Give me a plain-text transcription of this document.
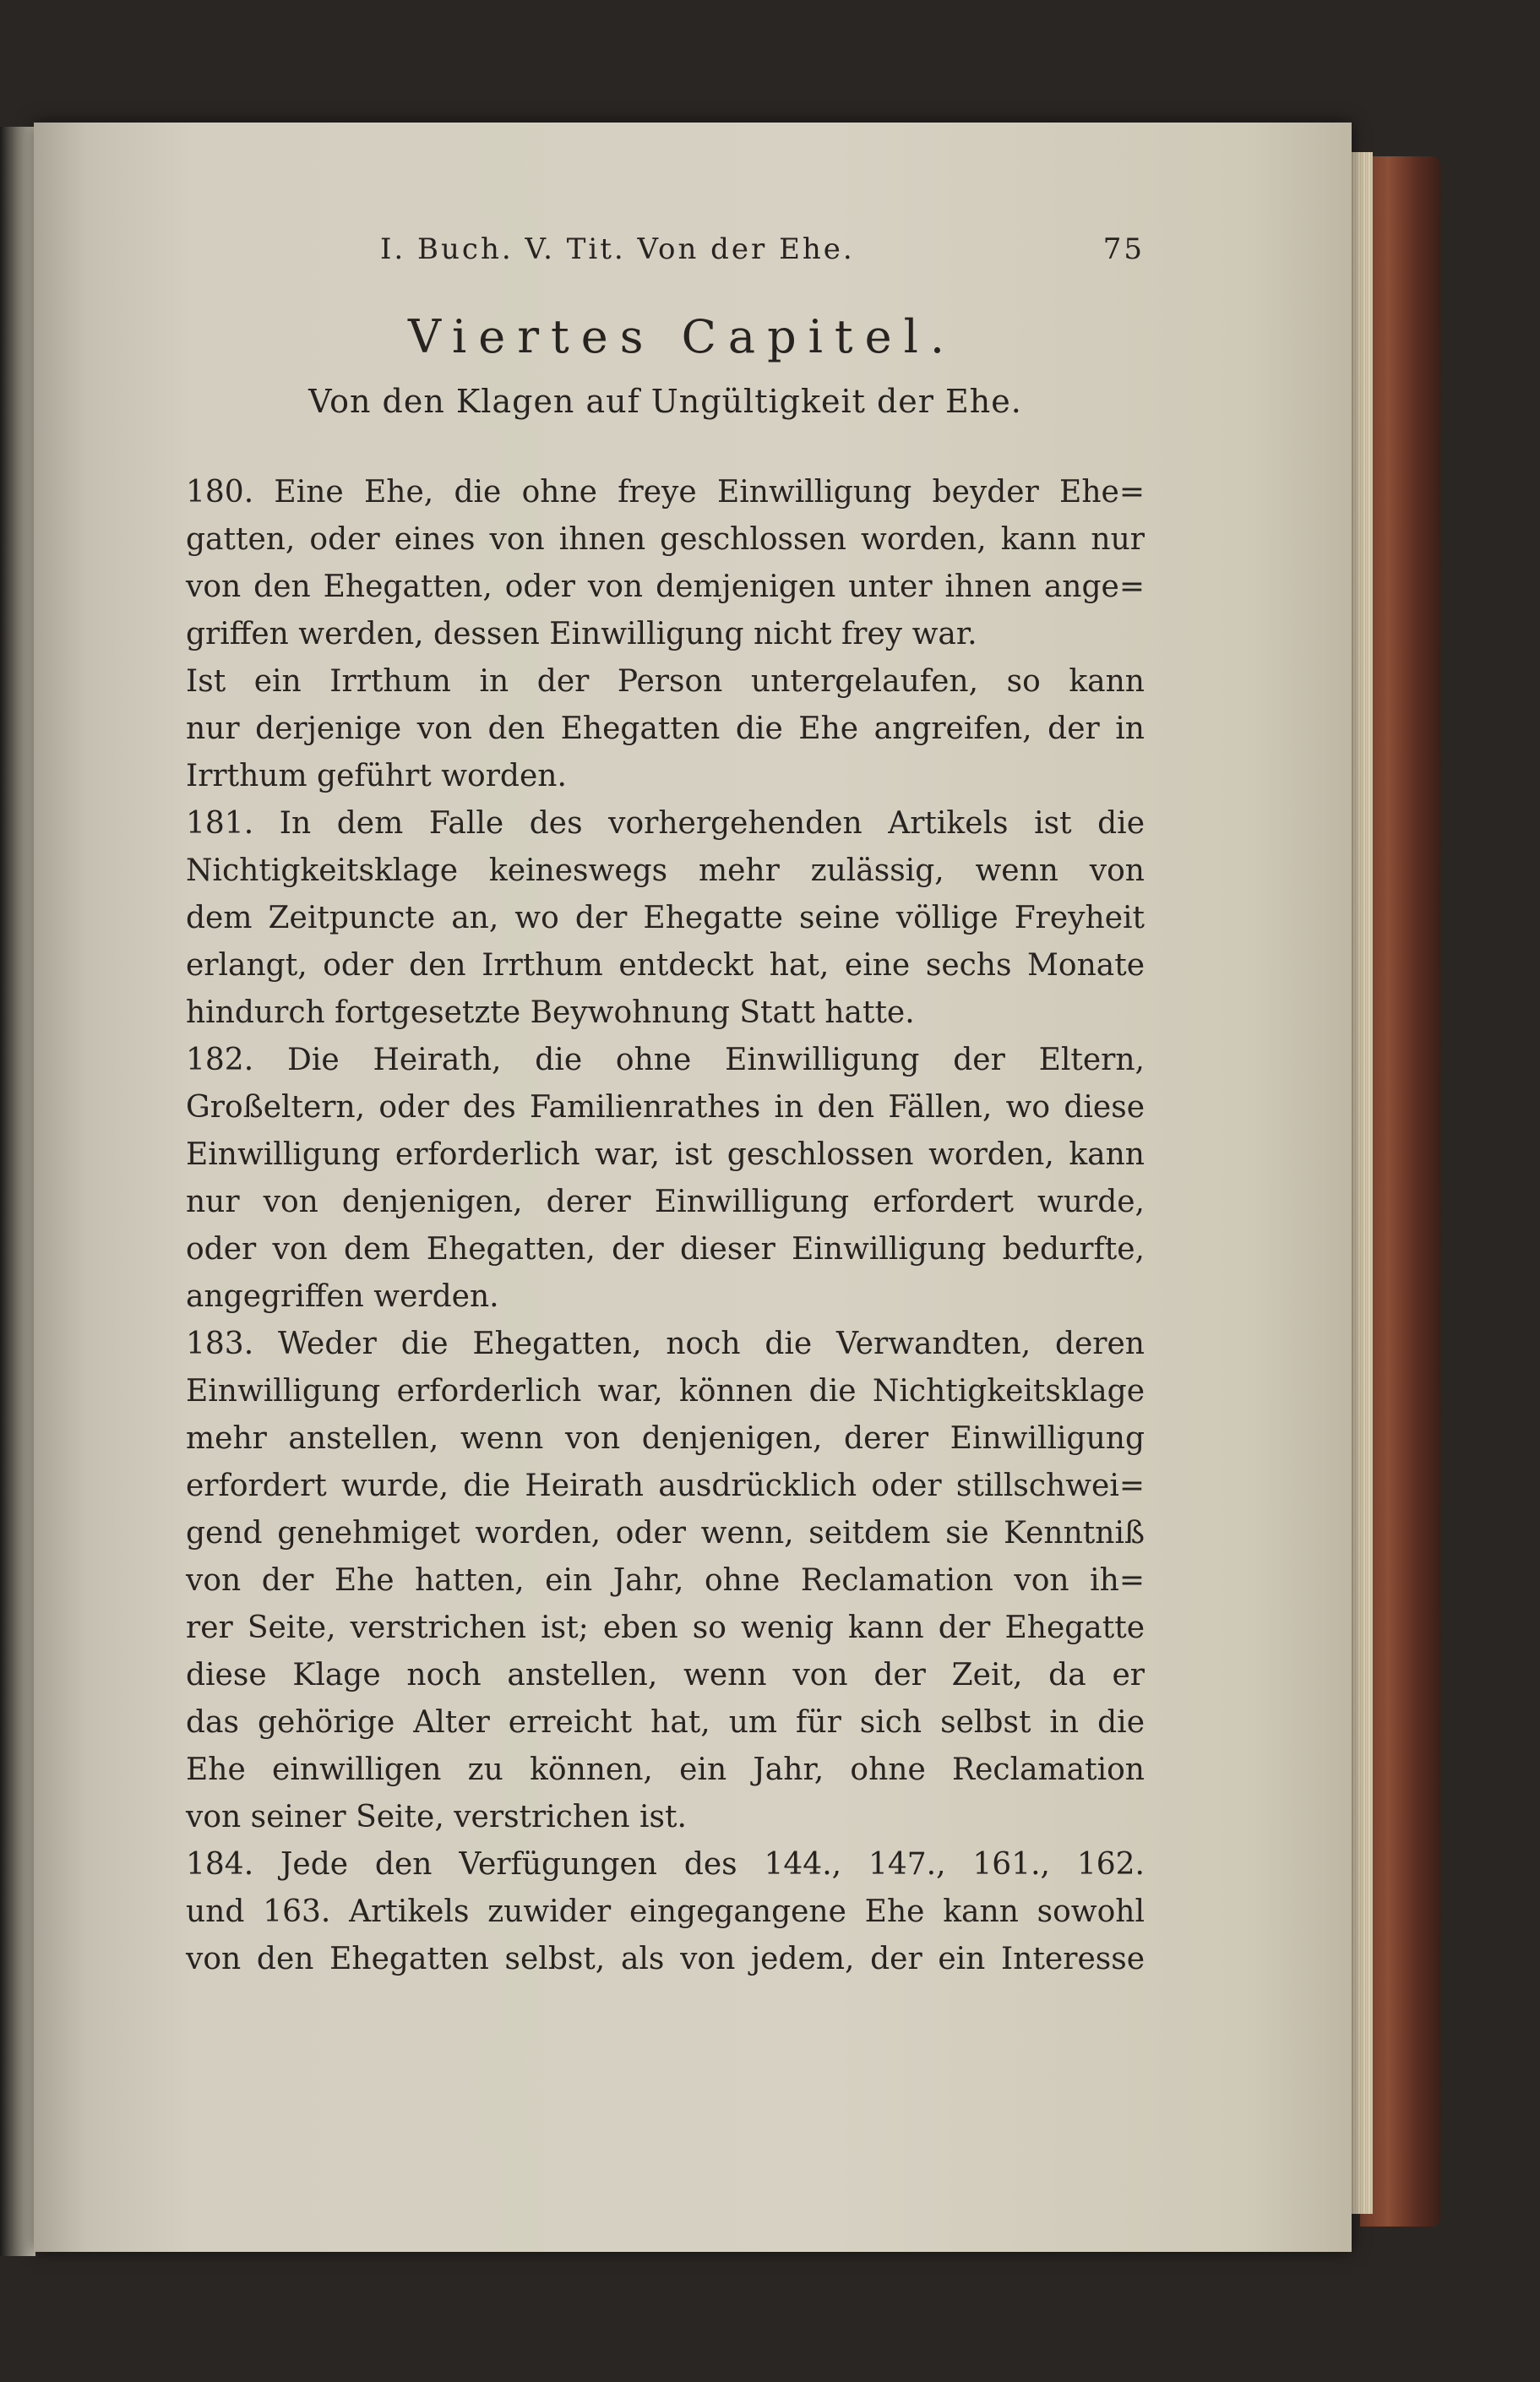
I. Buch. V. Tit. Von der Ehe.	75
Viertes Capitel.
Von den Klagen auf Ungültigkeit der Ehe.

180. Eine Ehe, die ohne freye Einwilligung beyder Ehe=

gatten, oder eines von ihnen geschlossen worden, kann nur

von den Ehegatten, oder von demjenigen unter ihnen ange=

griffen werden, dessen Einwilligung nicht frey war.

Ist ein Irrthum in der Person untergelaufen, so kann

nur derjenige von den Ehegatten die Ehe angreifen, der in

Irrthum geführt worden.

181. In dem Falle des vorhergehenden Artikels ist die

Nichtigkeitsklage keineswegs mehr zulässig, wenn von

dem Zeitpuncte an, wo der Ehegatte seine völlige Freyheit

erlangt, oder den Irrthum entdeckt hat, eine sechs Monate

hindurch fortgesetzte Beywohnung Statt hatte.

182. Die Heirath, die ohne Einwilligung der Eltern,

Großeltern, oder des Familienrathes in den Fällen, wo diese

Einwilligung erforderlich war, ist geschlossen worden, kann

nur von denjenigen, derer Einwilligung erfordert wurde,

oder von dem Ehegatten, der dieser Einwilligung bedurfte,

angegriffen werden.

183. Weder die Ehegatten, noch die Verwandten, deren

Einwilligung erforderlich war, können die Nichtigkeitsklage

mehr anstellen, wenn von denjenigen, derer Einwilligung

erfordert wurde, die Heirath ausdrücklich oder stillschwei=

gend genehmiget worden, oder wenn, seitdem sie Kenntniß

von der Ehe hatten, ein Jahr, ohne Reclamation von ih=

rer Seite, verstrichen ist; eben so wenig kann der Ehegatte

diese Klage noch anstellen, wenn von der Zeit, da er

das gehörige Alter erreicht hat, um für sich selbst in die

Ehe einwilligen zu können, ein Jahr, ohne Reclamation

von seiner Seite, verstrichen ist.

184. Jede den Verfügungen des 144., 147., 161., 162.

und 163. Artikels zuwider eingegangene Ehe kann sowohl

von den Ehegatten selbst, als von jedem, der ein Interesse
